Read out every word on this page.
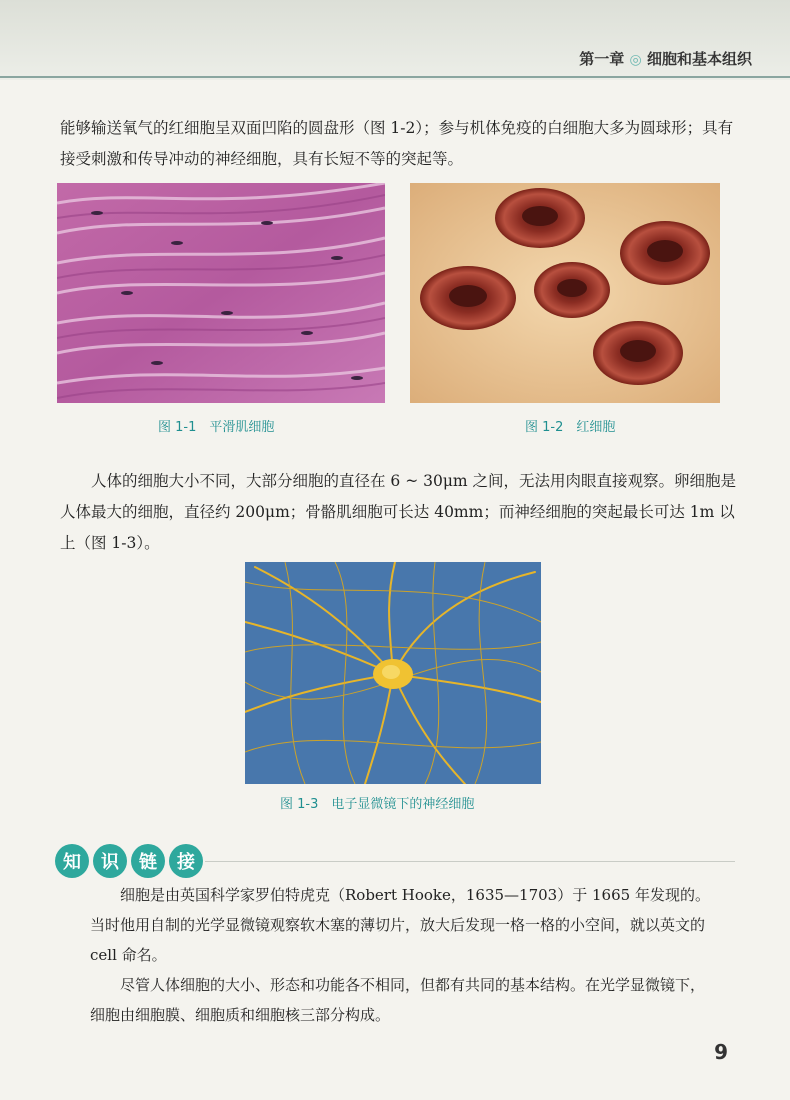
第一章 ◎ 细胞和基本组织
能够输送氧气的红细胞呈双面凹陷的圆盘形（图 1-2）；参与机体免疫的白细胞大多为圆球形；具有接受刺激和传导冲动的神经细胞，具有长短不等的突起等。
图 1-1　平滑肌细胞	图 1-2　红细胞
人体的细胞大小不同，大部分细胞的直径在 6 ~ 30μm 之间，无法用肉眼直接观察。卵细胞是人体最大的细胞，直径约 200μm；骨骼肌细胞可长达 40mm；而神经细胞的突起最长可达 1m 以上（图 1-3）。
图 1-3　电子显微镜下的神经细胞
知	识	链	接
细胞是由英国科学家罗伯特虎克（Robert Hooke，1635—1703）于 1665 年发现的。当时他用自制的光学显微镜观察软木塞的薄切片，放大后发现一格一格的小空间，就以英文的 cell 命名。
尽管人体细胞的大小、形态和功能各不相同，但都有共同的基本结构。在光学显微镜下，细胞由细胞膜、细胞质和细胞核三部分构成。
9
